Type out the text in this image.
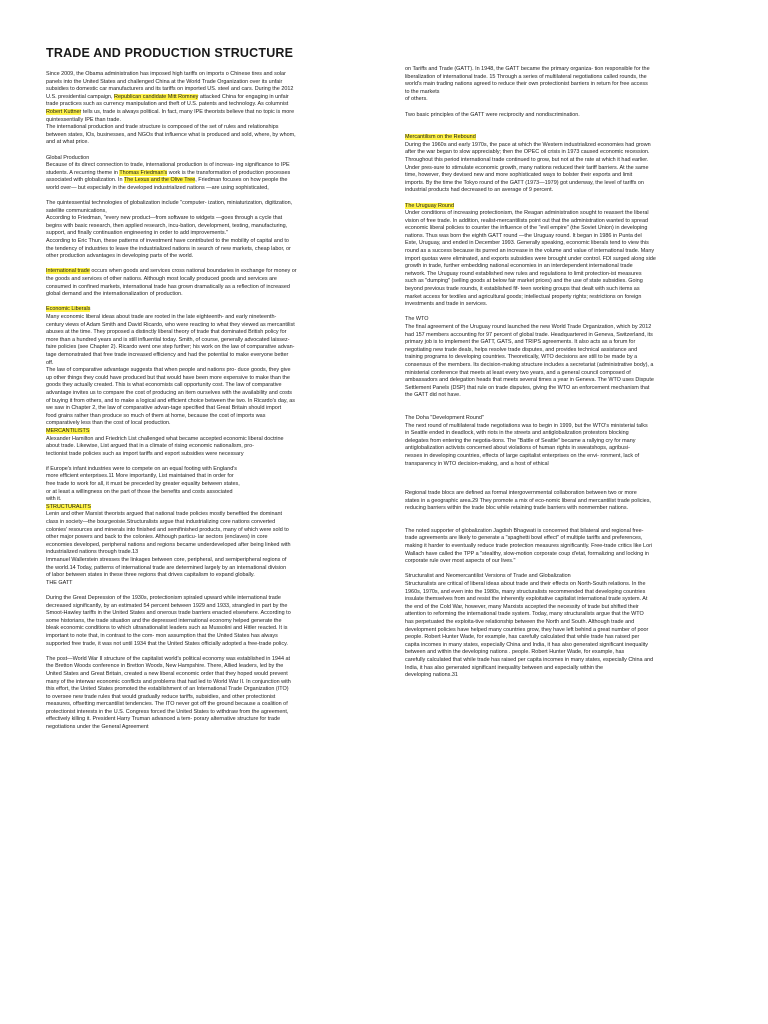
TRADE AND PRODUCTION STRUCTURE

Since 2009, the Obama administration has imposed high tariffs on imports o Chinese tires and solar

panels into the United States and challenged China at the World Trade Organization over its unfair

subsidies to domestic car manufacturers and its tariffs on imported US. steel and cars. During the 2012

U.S. presidential campaign, Republican candidate Mitt Romney attacked China for engaging in unfair

trade practices such as currency manipulation and theft of U.S. patents and technology. As columnist

Robert Kuttner tells us, trade is always political. In fact, many IPE theorists believe that no topic is more

quintessentially IPE than trade.

The international production and trade structure is composed of the set of rules and relationships

between states, IOs, businesses, and NGOs that influence what is produced and sold, where, by whom,

and at what price.

Global Production

Because of its direct connection to trade, international production is of increas- ing significance to IPE

students. A recurring theme in Thomas Friedman's work is the transformation of production processes

associated with globalization. In The Lexus and the Olive Tree, Friedman focuses on how people the

world over— but especially in the developed industrialized nations —are using sophisticated,

The quintessential technologies of globalization include "computer- ization, miniaturization, digitization,

satellite communications,

According to Friedman, "every new product—from software to widgets —goes through a cycle that

begins with basic research, then applied research, incu-bation, development, testing, manufacturing,

support, and finally continuation engineering in order to add improvements."

According to Eric Thun, these patterns of investment have contributed to the mobility of capital and to

the tendency of industries to leave the industrialized nations in search of new markets, cheap labor, or

other production advantages in developing parts of the world.

International trade occurs when goods and services cross national boundaries in exchange for money or

the goods and services of other nations. Although most locally produced goods and services are

consumed in confined markets, international trade has grown dramatically as a reflection of increased

global demand and the internationalization of production.

Economic Liberals

Many economic liberal ideas about trade are rooted in the late eighteenth- and early nineteenth-

century views of Adam Smith and David Ricardo, who were reacting to what they viewed as mercantilist

abuses at the time. They proposed a distinctly liberal theory of trade that dominated British policy for

more than a hundred years and is still influential today. Smith, of course, generally advocated laissez-

faire policies (see Chapter 2). Ricardo went one step further; his work on the law of comparative advan-

tage demonstrated that free trade increased efficiency and had the potential to make everyone better

off.

The law of comparative advantage suggests that when people and nations pro- duce goods, they give

up other things they could have produced but that would have been more expensive to make than the

goods they actually created. This is what economists call opportunity cost. The law of comparative

advantage invites us to compare the cost of producing an item ourselves with the availability and costs

of buying it from others, and to make a logical and efficient choice between the two. In Ricardo's day, as

we saw in Chapter 2, the law of comparative advan-tage specified that Great Britain should import

food grains rather than produce so much of them at home, because the cost of imports was

comparatively less than the cost of local production.

MERCANTILISTS

Alexander Hamilton and Friedrich List challenged what became accepted economic liberal doctrine

about trade. Likewise, List argued that in a climate of rising economic nationalism, pro-

tectionist trade policies such as import tariffs and export subsidies were necessary

if Europe's infant industries were to compete on an equal footing with England's

more efficient enterprises.11 More importantly, List maintained that in order for

free trade to work for all, it must be preceded by greater equality between states,

or at least a willingness on the part of those the benefits and costs associated

with it.

STRUCTURALITS

Lenin and other Marxist theorists argued that national trade policies mostly benefited the dominant

class in society—the bourgeoisie.Structuralists argue that industrializing core nations converted

colonies' resources and minerals into finished and semifinished products, many of which were sold to

other major powers and back to the colonies. Although particu- lar sectors (enclaves) in core

economies developed, peripheral nations and regions became underdeveloped after being linked with

industrialized nations through trade.13

Immanuel Wallerstein stresses the linkages between core, peripheral, and semiperipheral regions of

the world.14 Today, patterns of international trade are determined largely by an international division

of labor between states in these three regions that drives capitalism to expand globally.

THE GATT

During the Great Depression of the 1930s, protectionism spiraled upward while international trade

decreased significantly, by an estimated 54 percent between 1929 and 1933, strangled in part by the

Smoot-Hawley tariffs in the United States and onerous trade barriers enacted elsewhere. According to

some historians, the trade situation and the depressed international economy helped generate the

bleak economic conditions to which ultranationalist leaders such as Mussolini and Hitler reacted. It is

important to note that, in contrast to the com- mon assumption that the United States has always

supported free trade, it was not until 1934 that the United States officially adopted a free-trade policy.

The post—World War II structure of the capitalist world's political economy was established in 1944 at

the Bretton Woods conference in Bretton Woods, New Hampshire. There, Allied leaders, led by the

United States and Great Britain, created a new liberal economic order that they hoped would prevent

many of the interwar economic conflicts and problems that had led to World War II. In conjunction with

this effort, the United States promoted the establishment of an International Trade Organization (ITO)

to oversee new trade rules that would gradually reduce tariffs, subsidies, and other protectionist

measures, offsetting mercantilist tendencies. The ITO never got off the ground because a coalition of

protectionist interests in the U.S. Congress forced the United States to withdraw from the agreement,

effectively killing it. President Harry Truman advanced a tem- porary alternative structure for trade

negotiations under the General Agreement

on Tariffs and Trade (GATT). In 1948, the GATT became the primary organiza- tion responsible for the

liberalization of international trade. 15 Through a series of multilateral negotiations called rounds, the

world's main trading nations agreed to reduce their own protectionist barriers in return for free access

to the markets

of others.

Two basic principles of the GATT were reciprocity and nondiscrimination.

Mercantilism on the Rebound

During the 1960s and early 1970s, the pace at which the Western industrialized economies had grown

after the war began to slow appreciably; then the OPEC oil crisis in 1973 caused economic recession.

Throughout this period international trade continued to grow, but not at the rate at which it had earlier.

Under pres-sure to stimulate economic growth, many nations reduced their tariff barriers. At the same

time, however, they devised new and more sophisticated ways to bolster their exports and limit

imports. By the time the Tokyo round of the GATT (1973—1979) got underway, the level of tariffs on

industrial products had decreased to an average of 9 percent.

The Uruguay Round

Under conditions of increasing protectionism, the Reagan administration sought to reassert the liberal

vision of free trade. In addition, realist-mercantilists point out that the administration wanted to spread

economic liberal policies to counter the influence of the "evil empire" (the Soviet Union) in developing

nations. Thus was born the eighth GATT round —the Uruguay round. It began in 1986 in Punta del

Este, Uruguay, and ended in December 1993. Generally speaking, economic liberals tend to view this

round as a success because its purred an increase in the volume and value of international trade. Many

import quotas were eliminated, and exports subsidies were brought under control. FDI surged along side

growth in trade, further embedding national economies in an interdependent international trade

network. The Uruguay round established new rules and regulations to limit protection-ist measures

such as "dumping" (selling goods at below fair market prices) and the use of state subsidies. Going

beyond previous trade rounds, it established fif- teen working groups that dealt with such items as

market access for textiles and agricultural goods; intellectual property rights; restrictions on foreign

investments and trade in services.

The WTO

The final agreement of the Uruguay round launched the new World Trade Organization, which by 2012

had 157 members accounting for 97 percent of global trade. Headquartered in Geneva, Switzerland, its

primary job is to implement the GATT, GATS, and TRIPS agreements. It also acts as a forum for

negotiating new trade deals, helps resolve trade disputes, and provides technical assistance and

training programs to developing countries. Theoretically, WTO decisions are still to be made by a

consensus of the members. Its decision-making structure includes a secretariat (administrative body), a

ministerial conference that meets at least every two years, and a general council composed of

ambassadors and delegation heads that meets several times a year in Geneva. The WTO uses Dispute

Settlement Panels (DSP) that rule on trade disputes, giving the WTO an enforcement mechanism that

the GATT did not have.

The Doha "Development Round"

The next round of multilateral trade negotiations was to begin in 1999, but the WTO's ministerial talks

in Seattle ended in deadlock, with riots in the streets and antiglobalization protestors blocking

delegates from entering the negotia-tions. The "Battle of Seattle" became a rallying cry for many

antiglobalization activists concerned about violations of human rights in sweatshops, agribusi-

nesses in developing countries, effects of large capitalist enterprises on the envi- ronment, lack of

transparency in WTO decision-making, and a host of ethical

Regional trade blocs are defined as formal intergovernmental collaboration between two or more

states in a geographic area.29 They promote a mix of eco-nomic liberal and mercantilist trade policies,

reducing barriers within the trade bloc while retaining trade barriers with nonmember nations.

The noted supporter of globalization Jagdish Bhagwati is concerned that bilateral and regional free-

trade agreements are likely to generate a "spaghetti bowl effect" of multiple tariffs and preferences,

making it harder to eventually reduce trade protection measures significantly. Free-trade critics like Lori

Wallach have called the TPP a "stealthy, slow-motion corporate coup d'etat, formalizing and locking in

corporate rule over most aspects of our lives."

Structuralist and Neomercantilist Versions of Trade and Globalization

Structuralists are critical of liberal ideas about trade and their effects on North-South relations. In the

1960s, 1970s, and even into the 1980s, many structuralists recommended that developing countries

insulate themselves from and resist the inherently exploitative capitalist international trade system. At

the end of the Cold War, however, many Marxists accepted the necessity of trade but shifted their

attention to reforming the international trade system. Today, many structuralists argue that the WTO

has perpetuated the exploita-tive relationship between the North and South. Although trade and

development policies have helped many countries grow, they have left behind a great number of poor

people. Robert Hunter Wade, for example, has carefully calculated that while trade has raised per

capita incomes in many states, especially China and India, it has also generated significant inequality

between and within the developing nations . people. Robert Hunter Wade, for example, has

carefully calculated that while trade has raised per capita incomes in many states, especially China and

India, it has also generated significant inequality between and especially within the

developing nations.31
